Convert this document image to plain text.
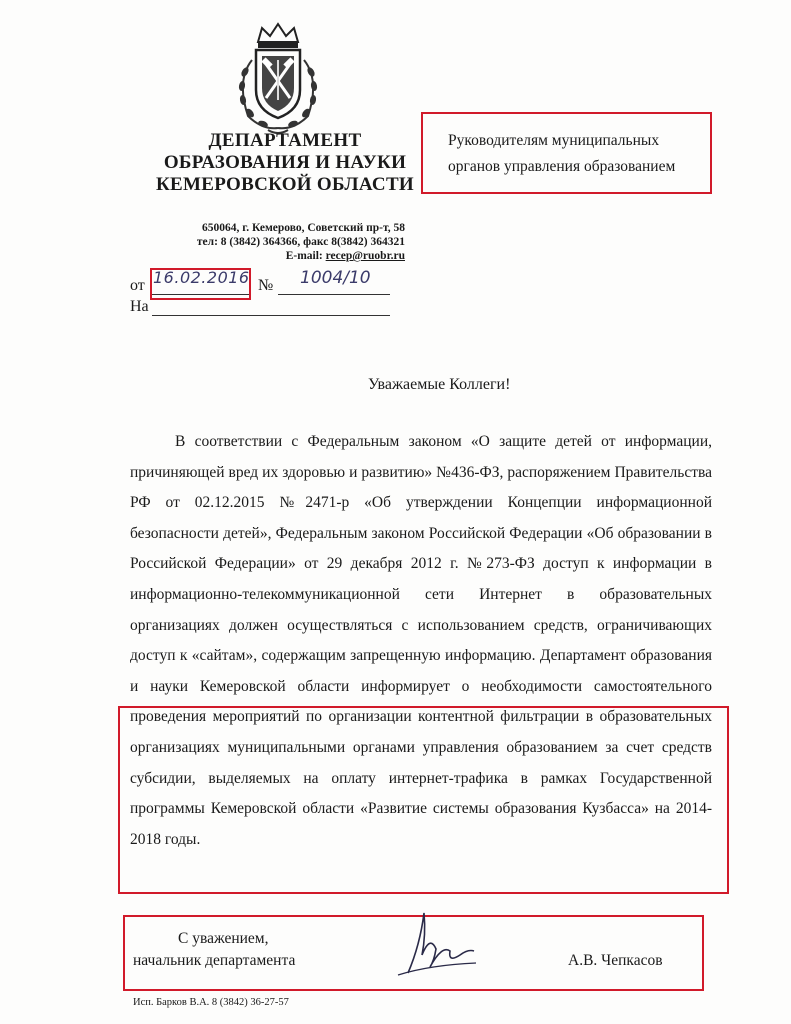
ДЕПАРТАМЕНТ
ОБРАЗОВАНИЯ И НАУКИ
КЕМЕРОВСКОЙ ОБЛАСТИ
650064, г. Кемерово, Советский пр-т, 58
тел: 8 (3842) 364366, факс 8(3842) 364321
E-mail: recep@ruobr.ru
Руководителям муниципальных
органов управления образованием
от 16.02.2016 № 1004/10
На
Уважаемые Коллеги!
В соответствии с Федеральным законом «О защите детей от информации, причиняющей вред их здоровью и развитию» №436-ФЗ, распоряжением Правительства РФ от 02.12.2015 №2471-р «Об утверждении Концепции информационной безопасности детей», Федеральным законом Российской Федерации «Об образовании в Российской Федерации» от 29 декабря 2012 г. №273-ФЗ доступ к информации в информационно-телекоммуникационной сети Интернет в образовательных организациях должен осуществляться с использованием средств, ограничивающих доступ к «сайтам», содержащим запрещенную информацию. Департамент образования и науки Кемеровской области информирует о необходимости самостоятельного проведения мероприятий по организации контентной фильтрации в образовательных организациях муниципальными органами управления образованием за счет средств субсидии, выделяемых на оплату интернет-трафика в рамках Государственной программы Кемеровской области «Развитие системы образования Кузбасса» на 2014-2018 годы.
С уважением,
начальник департамента	А.В. Чепкасов
Исп. Барков В.А. 8 (3842) 36-27-57
